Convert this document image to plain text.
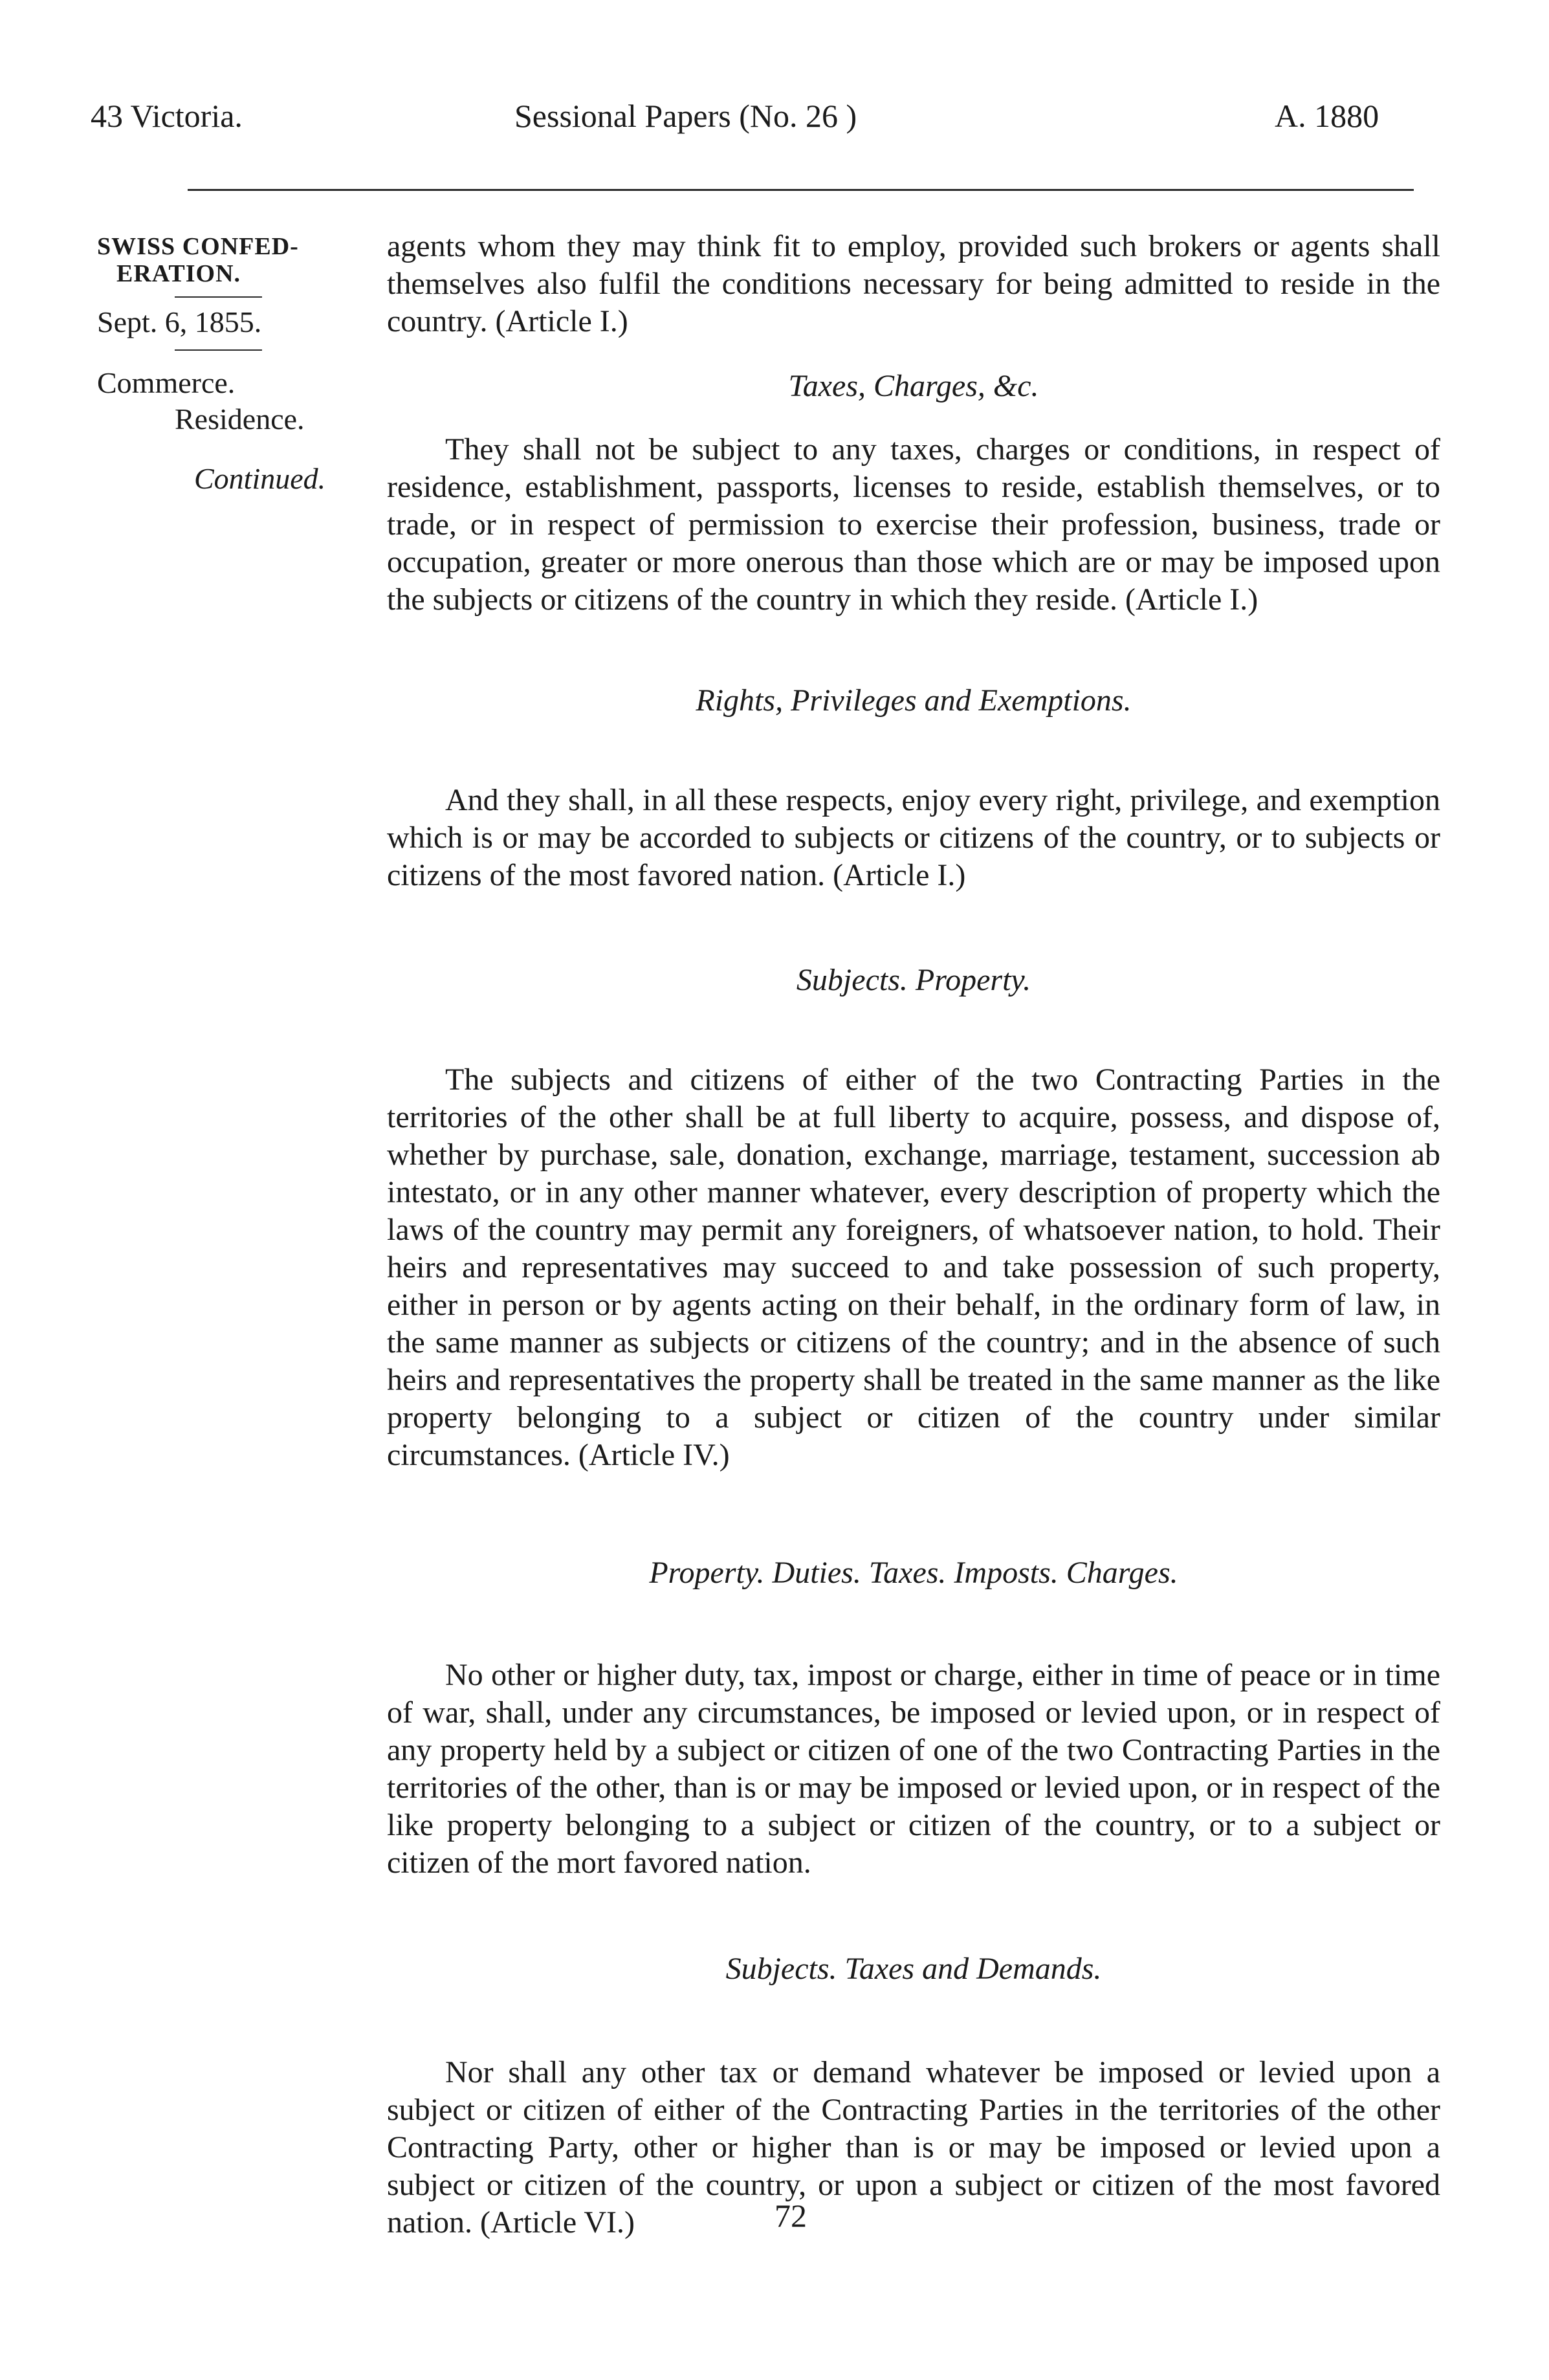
43 Victoria.	Sessional Papers (No. 26 )	A. 1880
SWISS CONFED-
ERATION.
Sept. 6, 1855.
Commerce.
Residence.
Continued.

agents whom they may think fit to employ, provided such brokers or agents shall themselves also fulfil the conditions necessary for being admitted to reside in the country. (Article I.)

Taxes, Charges, &c.

They shall not be subject to any taxes, charges or conditions, in respect of residence, establishment, passports, licenses to reside, establish themselves, or to trade, or in respect of permission to exercise their profession, business, trade or occupation, greater or more onerous than those which are or may be imposed upon the subjects or citizens of the country in which they reside. (Article I.)

Rights, Privileges and Exemptions.

And they shall, in all these respects, enjoy every right, privilege, and exemption which is or may be accorded to subjects or citizens of the country, or to subjects or citizens of the most favored nation. (Article I.)

Subjects. Property.

The subjects and citizens of either of the two Contracting Parties in the territories of the other shall be at full liberty to acquire, possess, and dispose of, whether by purchase, sale, donation, exchange, marriage, testament, succession ab intestato, or in any other manner whatever, every description of property which the laws of the country may permit any foreigners, of whatsoever nation, to hold. Their heirs and representatives may succeed to and take possession of such property, either in person or by agents acting on their behalf, in the ordinary form of law, in the same manner as subjects or citizens of the country; and in the absence of such heirs and representatives the property shall be treated in the same manner as the like property belonging to a subject or citizen of the country under similar circumstances. (Article IV.)

Property. Duties. Taxes. Imposts. Charges.

No other or higher duty, tax, impost or charge, either in time of peace or in time of war, shall, under any circumstances, be imposed or levied upon, or in respect of any property held by a subject or citizen of one of the two Contracting Parties in the territories of the other, than is or may be imposed or levied upon, or in respect of the like property belonging to a subject or citizen of the country, or to a subject or citizen of the mort favored nation.

Subjects. Taxes and Demands.

Nor shall any other tax or demand whatever be imposed or levied upon a subject or citizen of either of the Contracting Parties in the territories of the other Contracting Party, other or higher than is or may be imposed or levied upon a subject or citizen of the country, or upon a subject or citizen of the most favored nation. (Article VI.)	72
